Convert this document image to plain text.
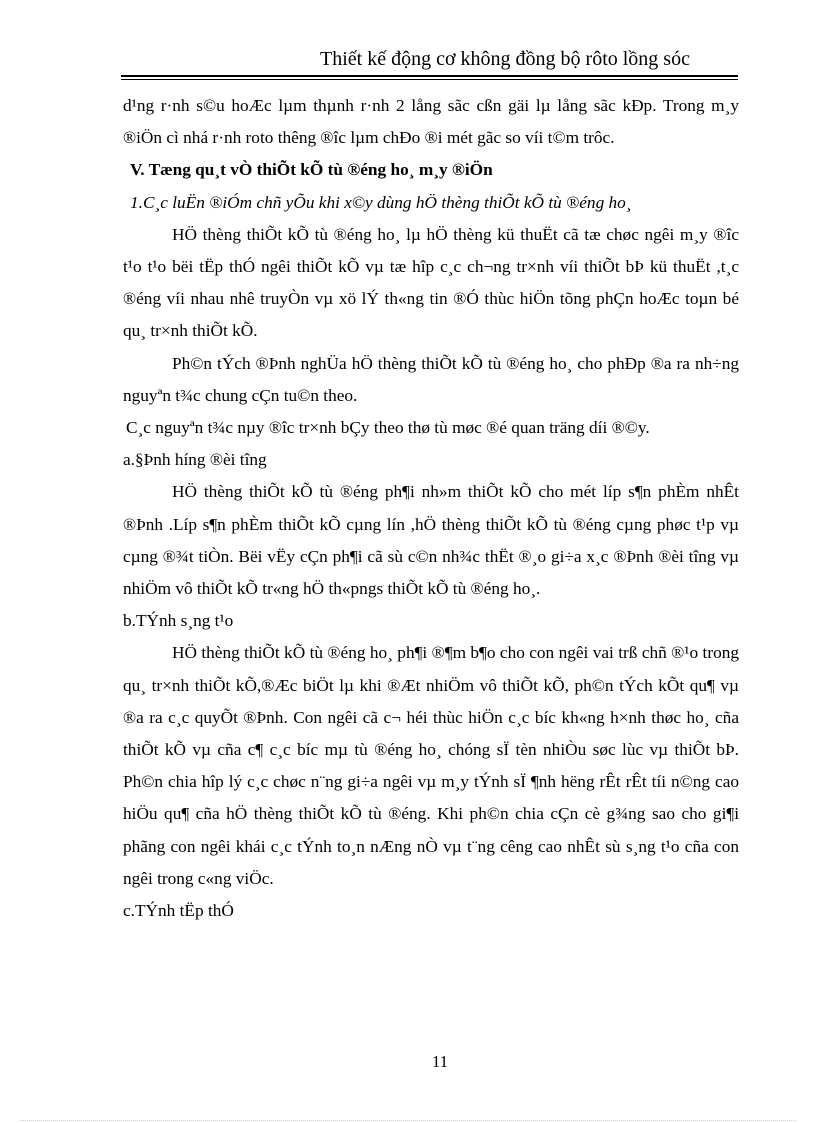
Thiết kế động cơ không đồng bộ rôto lồng sóc

d¹ng r·nh s©u hoÆc lµm thµnh r·nh 2 lång sãc cßn gäi lµ lång sãc kÐp. Trong m¸y ®iÖn cì nhá r·nh roto thêng ®îc lµm chÐo ®i mét gãc so víi t©m trôc.

V. Tæng qu¸t vÒ thiÕt kÕ tù ®éng ho¸ m¸y ®iÖn

1.C¸c luËn ®iÓm chñ yÕu khi x©y dùng hÖ thèng thiÕt kÕ tù ®éng ho¸

HÖ thèng thiÕt kÕ tù ®éng ho¸ lµ hÖ thèng kü thuËt cã tæ chøc ngêi m¸y ®îc t¹o t¹o bëi tËp thÓ ngêi thiÕt kÕ vµ tæ hîp c¸c ch¬ng tr×nh víi thiÕt bÞ kü thuËt ,t¸c ®éng víi nhau nhê truyÒn vµ xö lÝ th«ng tin ®Ó thùc hiÖn tõng phÇn hoÆc toµn bé qu¸ tr×nh thiÕt kÕ.

Ph©n tÝch ®Þnh nghÜa hÖ thèng thiÕt kÕ tù ®éng ho¸ cho phÐp ®a ra nh÷ng nguyªn t¾c chung cÇn tu©n theo.

C¸c nguyªn t¾c nµy ®îc tr×nh bÇy theo thø tù møc ®é quan träng díi ®©y.

a.§Þnh híng ®èi tîng

HÖ thèng thiÕt kÕ tù ®éng ph¶i nh»m thiÕt kÕ cho mét líp s¶n phÈm nhÊt ®Þnh .Líp s¶n phÈm thiÕt kÕ cµng lín ,hÖ thèng thiÕt kÕ tù ®éng cµng phøc t¹p vµ cµng ®¾t tiÒn. Bëi vËy cÇn ph¶i cã sù c©n nh¾c thËt ®¸o gi÷a x¸c ®Þnh ®èi tîng vµ nhiÖm vô thiÕt kÕ tr«ng hÖ th«pngs thiÕt kÕ tù ®éng ho¸.

b.TÝnh s¸ng t¹o

HÖ thèng thiÕt kÕ tù ®éng ho¸ ph¶i ®¶m b¶o cho con ngêi vai trß chñ ®¹o trong qu¸ tr×nh thiÕt kÕ,®Æc biÖt lµ khi ®Æt nhiÖm vô thiÕt kÕ, ph©n tÝch kÕt qu¶ vµ ®a ra c¸c quyÕt ®Þnh. Con ngêi cã c¬ héi thùc hiÖn c¸c bíc kh«ng h×nh thøc ho¸ cña thiÕt kÕ vµ cña c¶ c¸c bíc mµ tù ®éng ho¸ chóng sÏ tèn nhiÒu søc lùc vµ thiÕt bÞ. Ph©n chia hîp lý c¸c chøc n¨ng gi÷a ngêi vµ m¸y tÝnh sÏ ¶nh hëng rÊt rÊt tíi n©ng cao hiÖu qu¶ cña hÖ thèng thiÕt kÕ tù ®éng. Khi ph©n chia cÇn cè g¾ng sao cho gi¶i phãng con ngêi khái c¸c tÝnh to¸n nÆng nÒ vµ t¨ng cêng cao nhÊt sù s¸ng t¹o cña con ngêi trong c«ng viÖc.

c.TÝnh tËp thÓ

11
